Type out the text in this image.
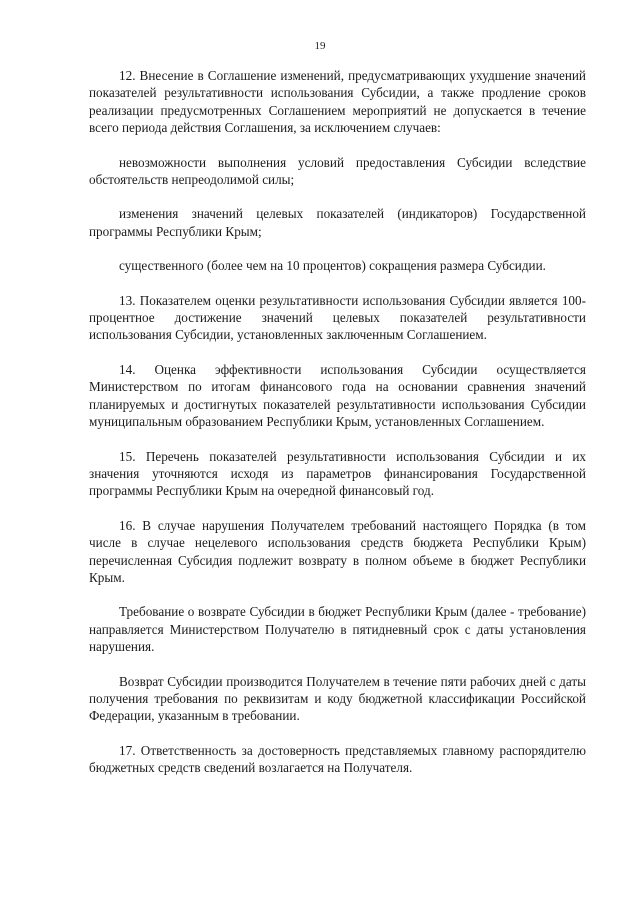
19

12. Внесение в Соглашение изменений, предусматривающих ухудшение значений показателей результативности использования Субсидии, а также продление сроков реализации предусмотренных Соглашением мероприятий не допускается в течение всего периода действия Соглашения, за исключением случаев:

невозможности выполнения условий предоставления Субсидии вследствие обстоятельств непреодолимой силы;

изменения значений целевых показателей (индикаторов) Государственной программы Республики Крым;

существенного (более чем на 10 процентов) сокращения размера Субсидии.

13. Показателем оценки результативности использования Субсидии является 100-процентное достижение значений целевых показателей результативности использования Субсидии, установленных заключенным Соглашением.

14. Оценка эффективности использования Субсидии осуществляется Министерством по итогам финансового года на основании сравнения значений планируемых и достигнутых показателей результативности использования Субсидии муниципальным образованием Республики Крым, установленных Соглашением.

15. Перечень показателей результативности использования Субсидии и их значения уточняются исходя из параметров финансирования Государственной программы Республики Крым на очередной финансовый год.

16. В случае нарушения Получателем требований настоящего Порядка (в том числе в случае нецелевого использования средств бюджета Республики Крым) перечисленная Субсидия подлежит возврату в полном объеме в бюджет Республики Крым.

Требование о возврате Субсидии в бюджет Республики Крым (далее - требование) направляется Министерством Получателю в пятидневный срок с даты установления нарушения.

Возврат Субсидии производится Получателем в течение пяти рабочих дней с даты получения требования по реквизитам и коду бюджетной классификации Российской Федерации, указанным в требовании.

17. Ответственность за достоверность представляемых главному распорядителю бюджетных средств сведений возлагается на Получателя.
